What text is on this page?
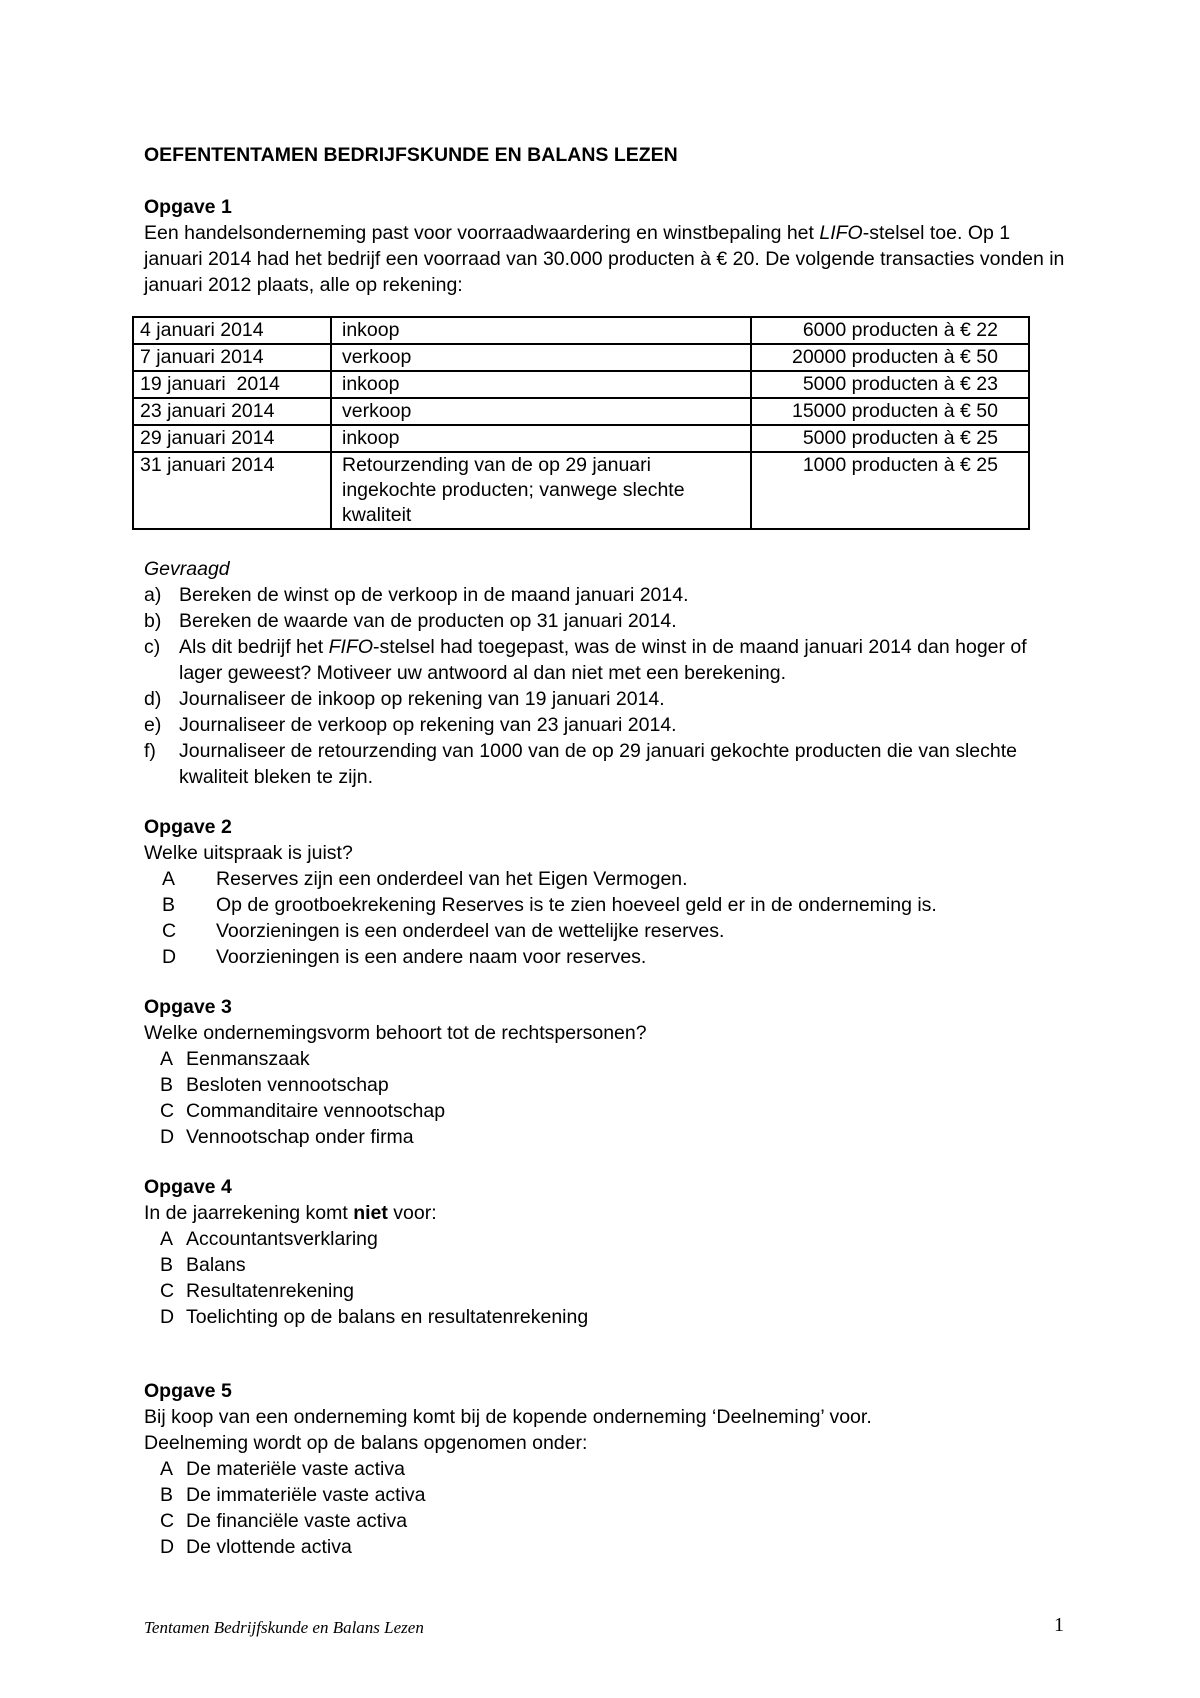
OEFENTENTAMEN BEDRIJFSKUNDE EN BALANS LEZEN

Opgave 1

Een handelsonderneming past voor voorraadwaardering en winstbepaling het LIFO-stelsel toe. Op 1 januari 2014 had het bedrijf een voorraad van 30.000 producten à € 20. De volgende transacties vonden in januari 2012 plaats, alle op rekening:

4 januari 2014	inkoop	6000 producten à € 22
7 januari 2014	verkoop	20000 producten à € 50
19 januari  2014	inkoop	5000 producten à € 23
23 januari 2014	verkoop	15000 producten à € 50
29 januari 2014	inkoop	5000 producten à € 25
31 januari 2014	Retourzending van de op 29 januari ingekochte producten; vanwege slechte kwaliteit	1000 producten à € 25

Gevraagd

a) Bereken de winst op de verkoop in de maand januari 2014.
b) Bereken de waarde van de producten op 31 januari 2014.
c) Als dit bedrijf het FIFO-stelsel had toegepast, was de winst in de maand januari 2014 dan hoger of lager geweest? Motiveer uw antwoord al dan niet met een berekening.
d) Journaliseer de inkoop op rekening van 19 januari 2014.
e) Journaliseer de verkoop op rekening van 23 januari 2014.
f) Journaliseer de retourzending van 1000 van de op 29 januari gekochte producten die van slechte kwaliteit bleken te zijn.

Opgave 2

Welke uitspraak is juist?

A Reserves zijn een onderdeel van het Eigen Vermogen.
B Op de grootboekrekening Reserves is te zien hoeveel geld er in de onderneming is.
C Voorzieningen is een onderdeel van de wettelijke reserves.
D Voorzieningen is een andere naam voor reserves.

Opgave 3

Welke ondernemingsvorm behoort tot de rechtspersonen?

A Eenmanszaak
B Besloten vennootschap
C Commanditaire vennootschap
D Vennootschap onder firma

Opgave 4

In de jaarrekening komt niet voor:

A Accountantsverklaring
B Balans
C Resultatenrekening
D Toelichting op de balans en resultatenrekening

Opgave 5

Bij koop van een onderneming komt bij de kopende onderneming ‘Deelneming’ voor.

Deelneming wordt op de balans opgenomen onder:

A De materiële vaste activa
B De immateriële vaste activa
C De financiële vaste activa
D De vlottende activa
Tentamen Bedrijfskunde en Balans Lezen	1
